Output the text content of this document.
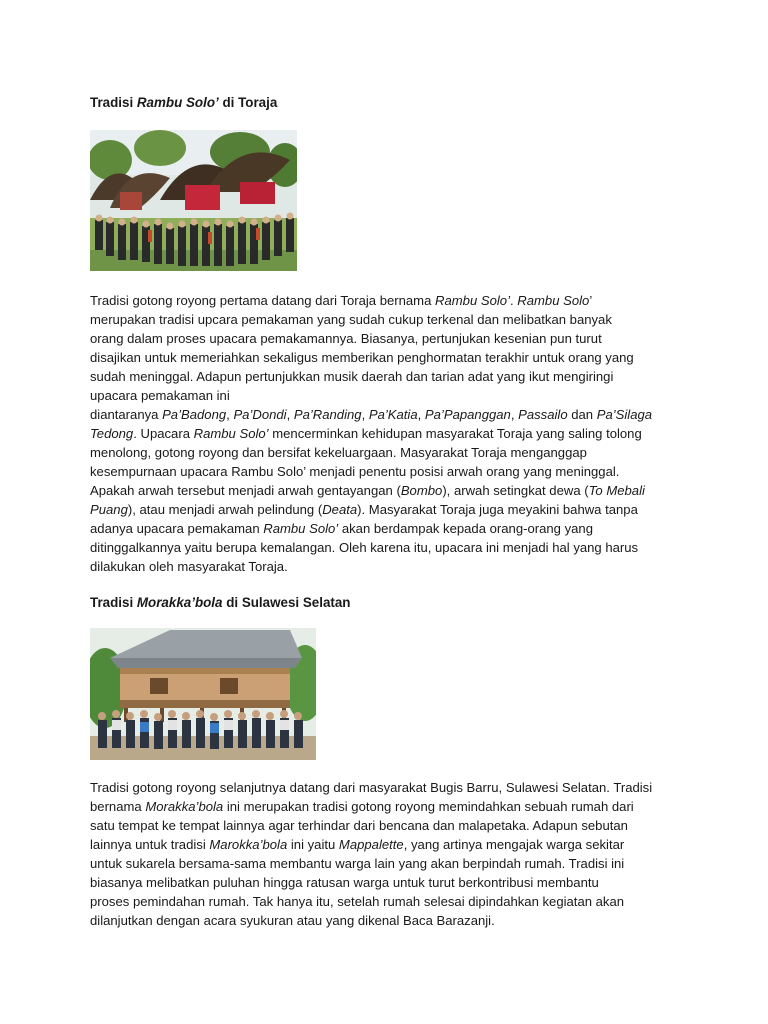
Tradisi Rambu Solo’ di Toraja
Tradisi gotong royong pertama datang dari Toraja bernama Rambu Solo’. Rambu Solo’
merupakan tradisi upcara pemakaman yang sudah cukup terkenal dan melibatkan banyak
orang dalam proses upacara pemakamannya. Biasanya, pertunjukan kesenian pun turut
disajikan untuk memeriahkan sekaligus memberikan penghormatan terakhir untuk orang yang
sudah meninggal. Adapun pertunjukkan musik daerah dan tarian adat yang ikut mengiringi
upacara pemakaman ini
diantaranya Pa’Badong, Pa’Dondi, Pa’Randing, Pa’Katia, Pa’Papanggan, Passailo dan Pa’Silaga
Tedong. Upacara Rambu Solo’ mencerminkan kehidupan masyarakat Toraja yang saling tolong
menolong, gotong royong dan bersifat kekeluargaan. Masyarakat Toraja menganggap
kesempurnaan upacara Rambu Solo’ menjadi penentu posisi arwah orang yang meninggal.
Apakah arwah tersebut menjadi arwah gentayangan (Bombo), arwah setingkat dewa (To Mebali
Puang), atau menjadi arwah pelindung (Deata). Masyarakat Toraja juga meyakini bahwa tanpa
adanya upacara pemakaman Rambu Solo’ akan berdampak kepada orang-orang yang
ditinggalkannya yaitu berupa kemalangan. Oleh karena itu, upacara ini menjadi hal yang harus
dilakukan oleh masyarakat Toraja.
Tradisi Morakka’bola di Sulawesi Selatan
Tradisi gotong royong selanjutnya datang dari masyarakat Bugis Barru, Sulawesi Selatan. Tradisi
bernama Morakka’bola ini merupakan tradisi gotong royong memindahkan sebuah rumah dari
satu tempat ke tempat lainnya agar terhindar dari bencana dan malapetaka. Adapun sebutan
lainnya untuk tradisi Marokka’bola ini yaitu Mappalette, yang artinya mengajak warga sekitar
untuk sukarela bersama-sama membantu warga lain yang akan berpindah rumah. Tradisi ini
biasanya melibatkan puluhan hingga ratusan warga untuk turut berkontribusi membantu
proses pemindahan rumah. Tak hanya itu, setelah rumah selesai dipindahkan kegiatan akan
dilanjutkan dengan acara syukuran atau yang dikenal Baca Barazanji.
